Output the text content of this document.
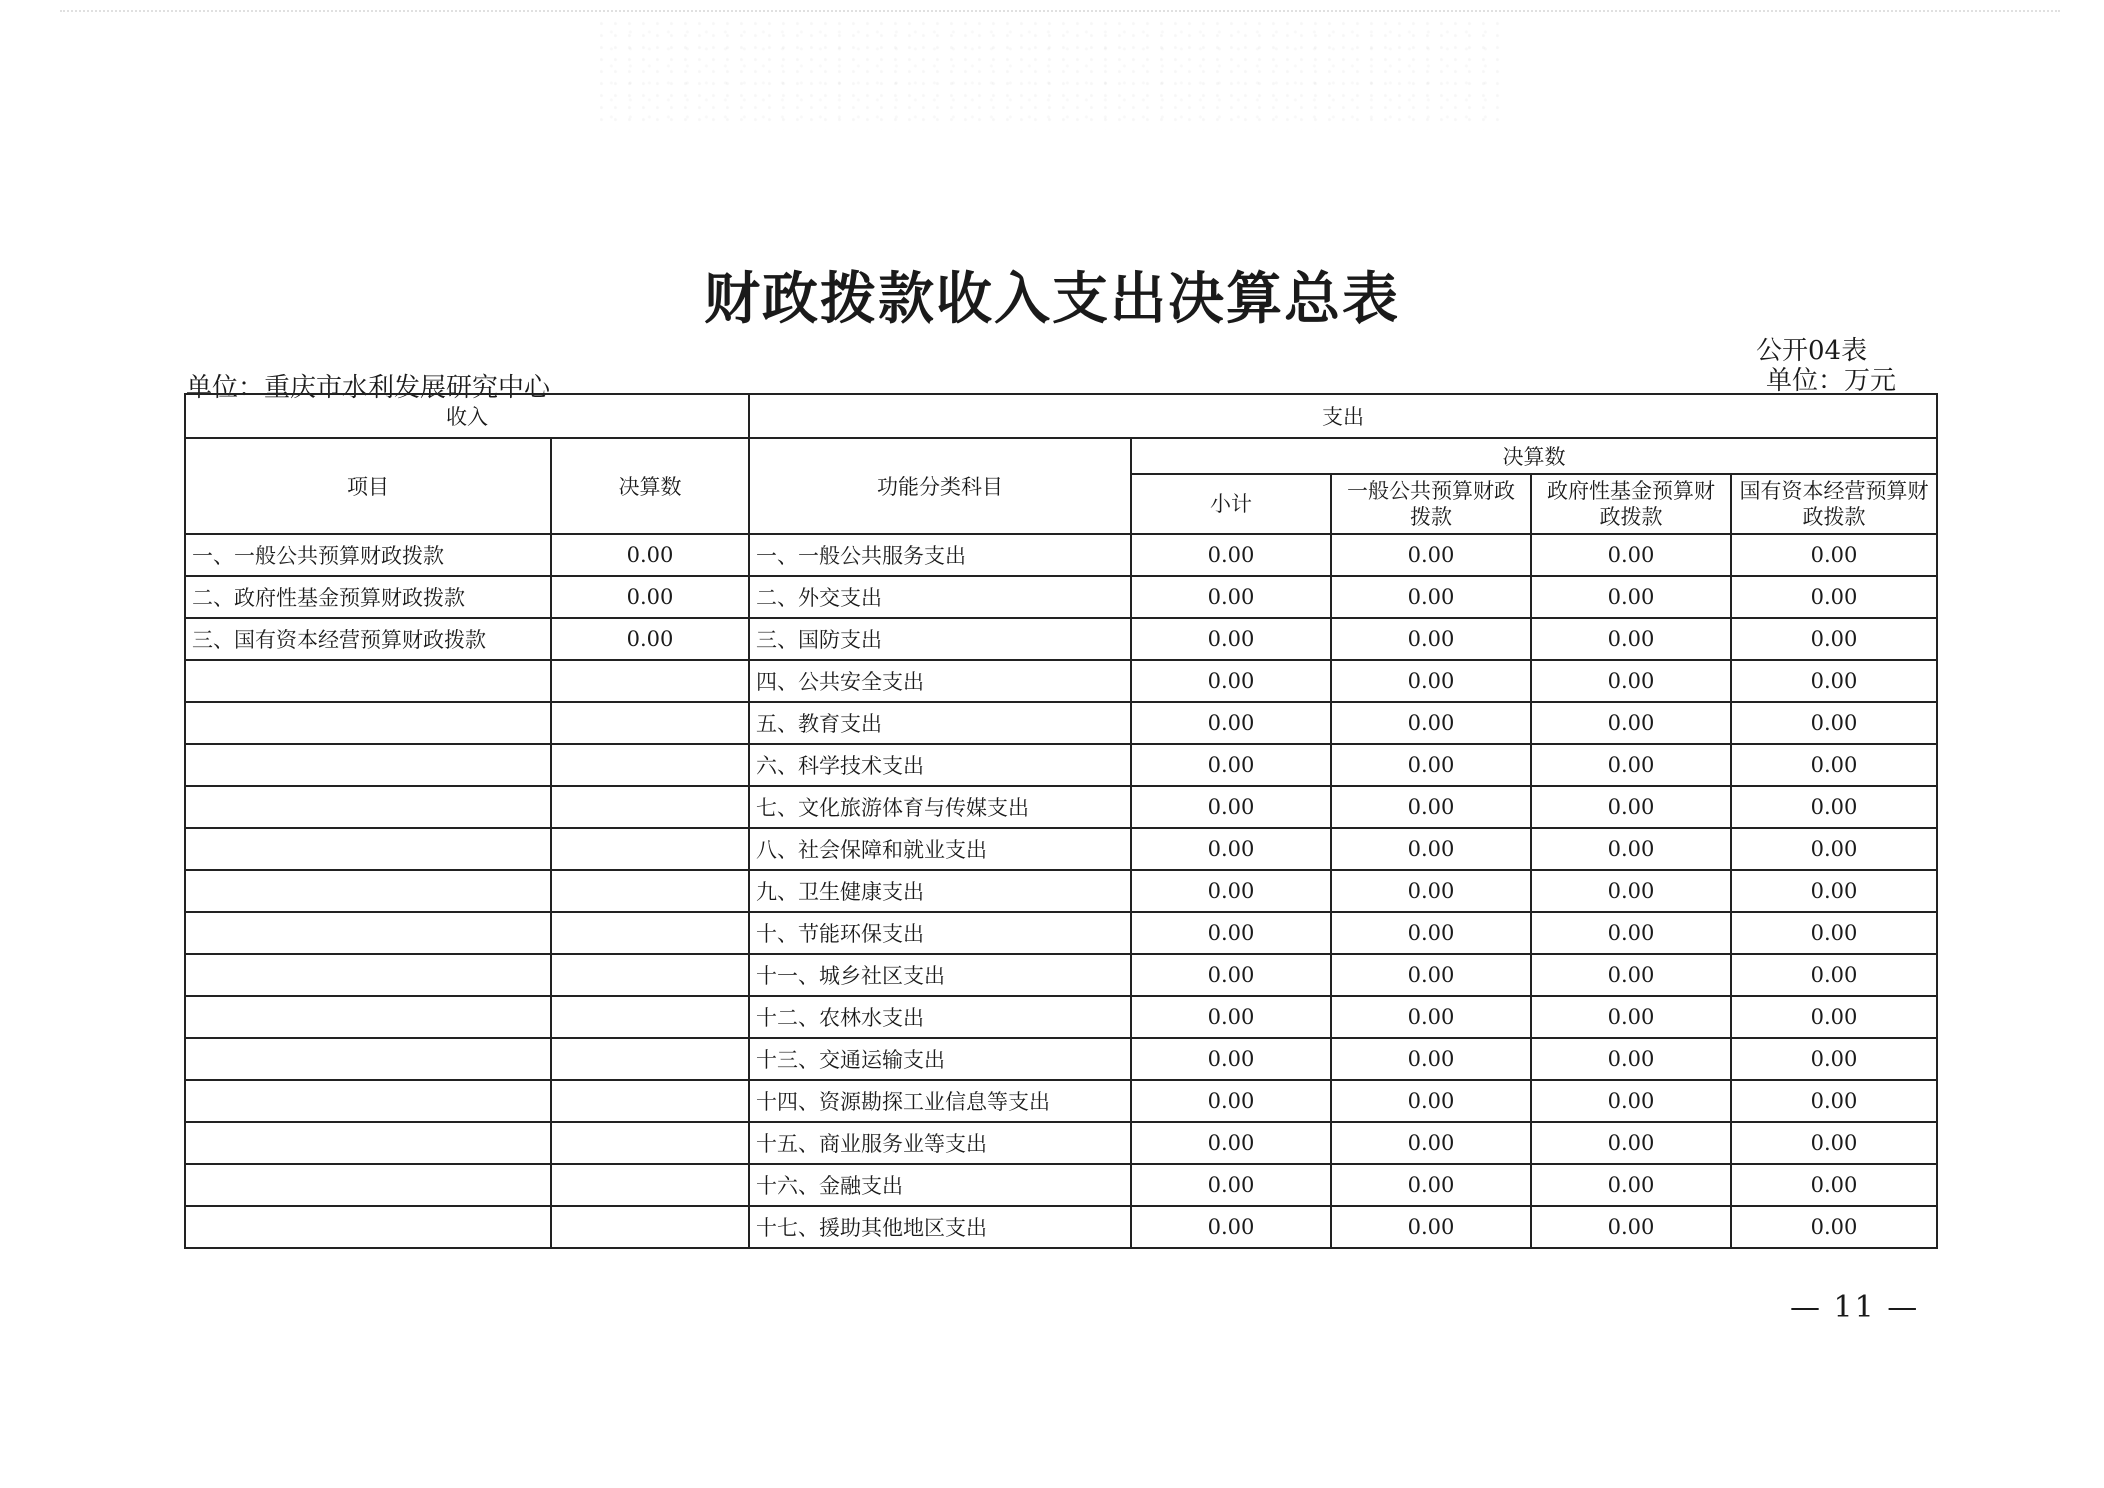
财政拨款收入支出决算总表
公开04表
单位：万元
单位：重庆市水利发展研究中心
收入		支出				
项目	决算数	功能分类科目	决算数			
			小计	一般公共预算财政拨款	政府性基金预算财政拨款	国有资本经营预算财政拨款
一、一般公共预算财政拨款	0.00	一、一般公共服务支出	0.00	0.00	0.00	0.00
二、政府性基金预算财政拨款	0.00	二、外交支出	0.00	0.00	0.00	0.00
三、国有资本经营预算财政拨款	0.00	三、国防支出	0.00	0.00	0.00	0.00
		四、公共安全支出	0.00	0.00	0.00	0.00
		五、教育支出	0.00	0.00	0.00	0.00
		六、科学技术支出	0.00	0.00	0.00	0.00
		七、文化旅游体育与传媒支出	0.00	0.00	0.00	0.00
		八、社会保障和就业支出	0.00	0.00	0.00	0.00
		九、卫生健康支出	0.00	0.00	0.00	0.00
		十、节能环保支出	0.00	0.00	0.00	0.00
		十一、城乡社区支出	0.00	0.00	0.00	0.00
		十二、农林水支出	0.00	0.00	0.00	0.00
		十三、交通运输支出	0.00	0.00	0.00	0.00
		十四、资源勘探工业信息等支出	0.00	0.00	0.00	0.00
		十五、商业服务业等支出	0.00	0.00	0.00	0.00
		十六、金融支出	0.00	0.00	0.00	0.00
		十七、援助其他地区支出	0.00	0.00	0.00	0.00
— 11 —
